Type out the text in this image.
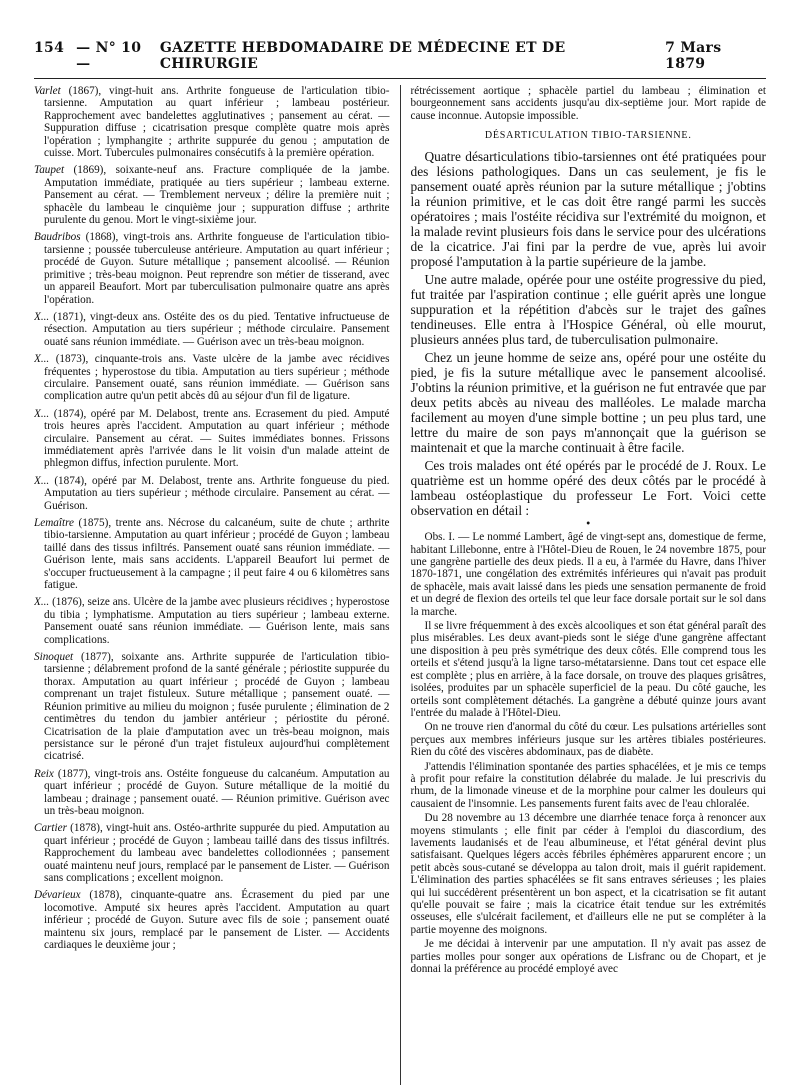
154 — N° 10 —
GAZETTE HEBDOMADAIRE DE MÉDECINE ET DE CHIRURGIE
7 Mars 1879

Varlet (1867), vingt-huit ans. Arthrite fongueuse de l'articulation tibio-tarsienne. Amputation au quart inférieur ; lambeau postérieur. Rapprochement avec bandelettes agglutinatives ; pansement au cérat. — Suppuration diffuse ; cicatrisation presque complète quatre mois après l'opération ; lymphangite ; arthrite suppurée du genou ; amputation de cuisse. Mort. Tubercules pulmonaires consécutifs à la première opération.

Taupet (1869), soixante-neuf ans. Fracture compliquée de la jambe. Amputation immédiate, pratiquée au tiers supérieur ; lambeau externe. Pansement au cérat. — Tremblement nerveux ; délire la première nuit ; sphacèle du lambeau le cinquième jour ; suppuration diffuse ; arthrite purulente du genou. Mort le vingt-sixième jour.

Baudribos (1868), vingt-trois ans. Arthrite fongueuse de l'articulation tibio-tarsienne ; poussée tuberculeuse antérieure. Amputation au quart inférieur ; procédé de Guyon. Suture métallique ; pansement alcoolisé. — Réunion primitive ; très-beau moignon. Peut reprendre son métier de tisserand, avec un appareil Beaufort. Mort par tuberculisation pulmonaire quatre ans après l'opération.

X... (1871), vingt-deux ans. Ostéite des os du pied. Tentative infructueuse de résection. Amputation au tiers supérieur ; méthode circulaire. Pansement ouaté sans réunion immédiate. — Guérison avec un très-beau moignon.

X... (1873), cinquante-trois ans. Vaste ulcère de la jambe avec récidives fréquentes ; hyperostose du tibia. Amputation au tiers supérieur ; méthode circulaire. Pansement ouaté, sans réunion immédiate. — Guérison sans complication autre qu'un petit abcès dû au séjour d'un fil de ligature.

X... (1874), opéré par M. Delabost, trente ans. Ecrasement du pied. Amputé trois heures après l'accident. Amputation au quart inférieur ; méthode circulaire. Pansement au cérat. — Suites immédiates bonnes. Frissons immédiatement après l'arrivée dans le lit voisin d'un malade atteint de phlegmon diffus, infection purulente. Mort.

X... (1874), opéré par M. Delabost, trente ans. Arthrite fongueuse du pied. Amputation au tiers supérieur ; méthode circulaire. Pansement au cérat. — Guérison.

Lemaître (1875), trente ans. Nécrose du calcanéum, suite de chute ; arthrite tibio-tarsienne. Amputation au quart inférieur ; procédé de Guyon ; lambeau taillé dans des tissus infiltrés. Pansement ouaté sans réunion immédiate. — Guérison lente, mais sans accidents. L'appareil Beaufort lui permet de s'occuper fructueusement à la campagne ; il peut faire 4 ou 6 kilomètres sans fatigue.

X... (1876), seize ans. Ulcère de la jambe avec plusieurs récidives ; hyperostose du tibia ; lymphatisme. Amputation au tiers supérieur ; lambeau externe. Pansement ouaté sans réunion immédiate. — Guérison lente, mais sans complications.

Sinoquet (1877), soixante ans. Arthrite suppurée de l'articulation tibio-tarsienne ; délabrement profond de la santé générale ; périostite suppurée du thorax. Amputation au quart inférieur ; procédé de Guyon ; lambeau comprenant un trajet fistuleux. Suture métallique ; pansement ouaté. — Réunion primitive au milieu du moignon ; fusée purulente ; élimination de 2 centimètres du tendon du jambier antérieur ; périostite du péroné. Cicatrisation de la plaie d'amputation avec un très-beau moignon, mais persistance sur le péroné d'un trajet fistuleux aujourd'hui complètement cicatrisé.

Reix (1877), vingt-trois ans. Ostéite fongueuse du calcanéum. Amputation au quart inférieur ; procédé de Guyon. Suture métallique de la moitié du lambeau ; drainage ; pansement ouaté. — Réunion primitive. Guérison avec un très-beau moignon.

Cartier (1878), vingt-huit ans. Ostéo-arthrite suppurée du pied. Amputation au quart inférieur ; procédé de Guyon ; lambeau taillé dans des tissus infiltrés. Rapprochement du lambeau avec bandelettes collodionnées ; pansement ouaté maintenu neuf jours, remplacé par le pansement de Lister. — Guérison sans complications ; excellent moignon.

Dévarieux (1878), cinquante-quatre ans. Écrasement du pied par une locomotive. Amputé six heures après l'accident. Amputation au quart inférieur ; procédé de Guyon. Suture avec fils de soie ; pansement ouaté maintenu six jours, remplacé par le pansement de Lister. — Accidents cardiaques le deuxième jour ;

rétrécissement aortique ; sphacèle partiel du lambeau ; élimination et bourgeonnement sans accidents jusqu'au dix-septième jour. Mort rapide de cause inconnue. Autopsie impossible.

DÉSARTICULATION TIBIO-TARSIENNE.

Quatre désarticulations tibio-tarsiennes ont été pratiquées pour des lésions pathologiques. Dans un cas seulement, je fis le pansement ouaté après réunion par la suture métallique ; j'obtins la réunion primitive, et le cas doit être rangé parmi les succès opératoires ; mais l'ostéite récidiva sur l'extrémité du moignon, et la malade revint plusieurs fois dans le service pour des ulcérations de la cicatrice. J'ai fini par la perdre de vue, après lui avoir proposé l'amputation à la partie supérieure de la jambe.

Une autre malade, opérée pour une ostéite progressive du pied, fut traitée par l'aspiration continue ; elle guérit après une longue suppuration et la répétition d'abcès sur le trajet des gaînes tendineuses. Elle entra à l'Hospice Général, où elle mourut, plusieurs années plus tard, de tuberculisation pulmonaire.

Chez un jeune homme de seize ans, opéré pour une ostéite du pied, je fis la suture métallique avec le pansement alcoolisé. J'obtins la réunion primitive, et la guérison ne fut entravée que par deux petits abcès au niveau des malléoles. Le malade marcha facilement au moyen d'une simple bottine ; un peu plus tard, une lettre du maire de son pays m'annonçait que la guérison se maintenait et que la marche continuait à être facile.

Ces trois malades ont été opérés par le procédé de J. Roux. Le quatrième est un homme opéré des deux côtés par le procédé à lambeau ostéoplastique du professeur Le Fort. Voici cette observation en détail :

•

Obs. I. — Le nommé Lambert, âgé de vingt-sept ans, domestique de ferme, habitant Lillebonne, entre à l'Hôtel-Dieu de Rouen, le 24 novembre 1875, pour une gangrène partielle des deux pieds. Il a eu, à l'armée du Havre, dans l'hiver 1870-1871, une congélation des extrémités inférieures qui n'avait pas produit de sphacèle, mais avait laissé dans les pieds une sensation permanente de froid et un degré de flexion des orteils tel que leur face dorsale portait sur le sol dans la marche.

Il se livre fréquemment à des excès alcooliques et son état général paraît des plus misérables. Les deux avant-pieds sont le siége d'une gangrène affectant une disposition à peu près symétrique des deux côtés. Elle comprend tous les orteils et s'étend jusqu'à la ligne tarso-métatarsienne. Dans tout cet espace elle est complète ; plus en arrière, à la face dorsale, on trouve des plaques grisâtres, isolées, produites par un sphacèle superficiel de la peau. Du côté gauche, les orteils sont complètement détachés. La gangrène a débuté quinze jours avant l'entrée du malade à l'Hôtel-Dieu.

On ne trouve rien d'anormal du côté du cœur. Les pulsations artérielles sont perçues aux membres inférieurs jusque sur les artères tibiales postérieures. Rien du côté des viscères abdominaux, pas de diabète.

J'attendis l'élimination spontanée des parties sphacélées, et je mis ce temps à profit pour refaire la constitution délabrée du malade. Je lui prescrivis du rhum, de la limonade vineuse et de la morphine pour calmer les douleurs qui causaient de l'insomnie. Les pansements furent faits avec de l'eau chloralée.

Du 28 novembre au 13 décembre une diarrhée tenace força à renoncer aux moyens stimulants ; elle finit par céder à l'emploi du diascordium, des lavements laudanisés et de l'eau albumineuse, et l'état général devint plus satisfaisant. Quelques légers accès fébriles éphémères apparurent encore ; un petit abcès sous-cutané se développa au talon droit, mais il guérit rapidement. L'élimination des parties sphacélées se fit sans entraves sérieuses ; les plaies qui lui succédèrent présentèrent un bon aspect, et la cicatrisation se fit autant qu'elle pouvait se faire ; mais la cicatrice était tendue sur les extrémités osseuses, elle s'ulcérait facilement, et d'ailleurs elle ne put se compléter à la partie moyenne des moignons.

Je me décidai à intervenir par une amputation. Il n'y avait pas assez de parties molles pour songer aux opérations de Lisfranc ou de Chopart, et je donnai la préférence au procédé employé avec
